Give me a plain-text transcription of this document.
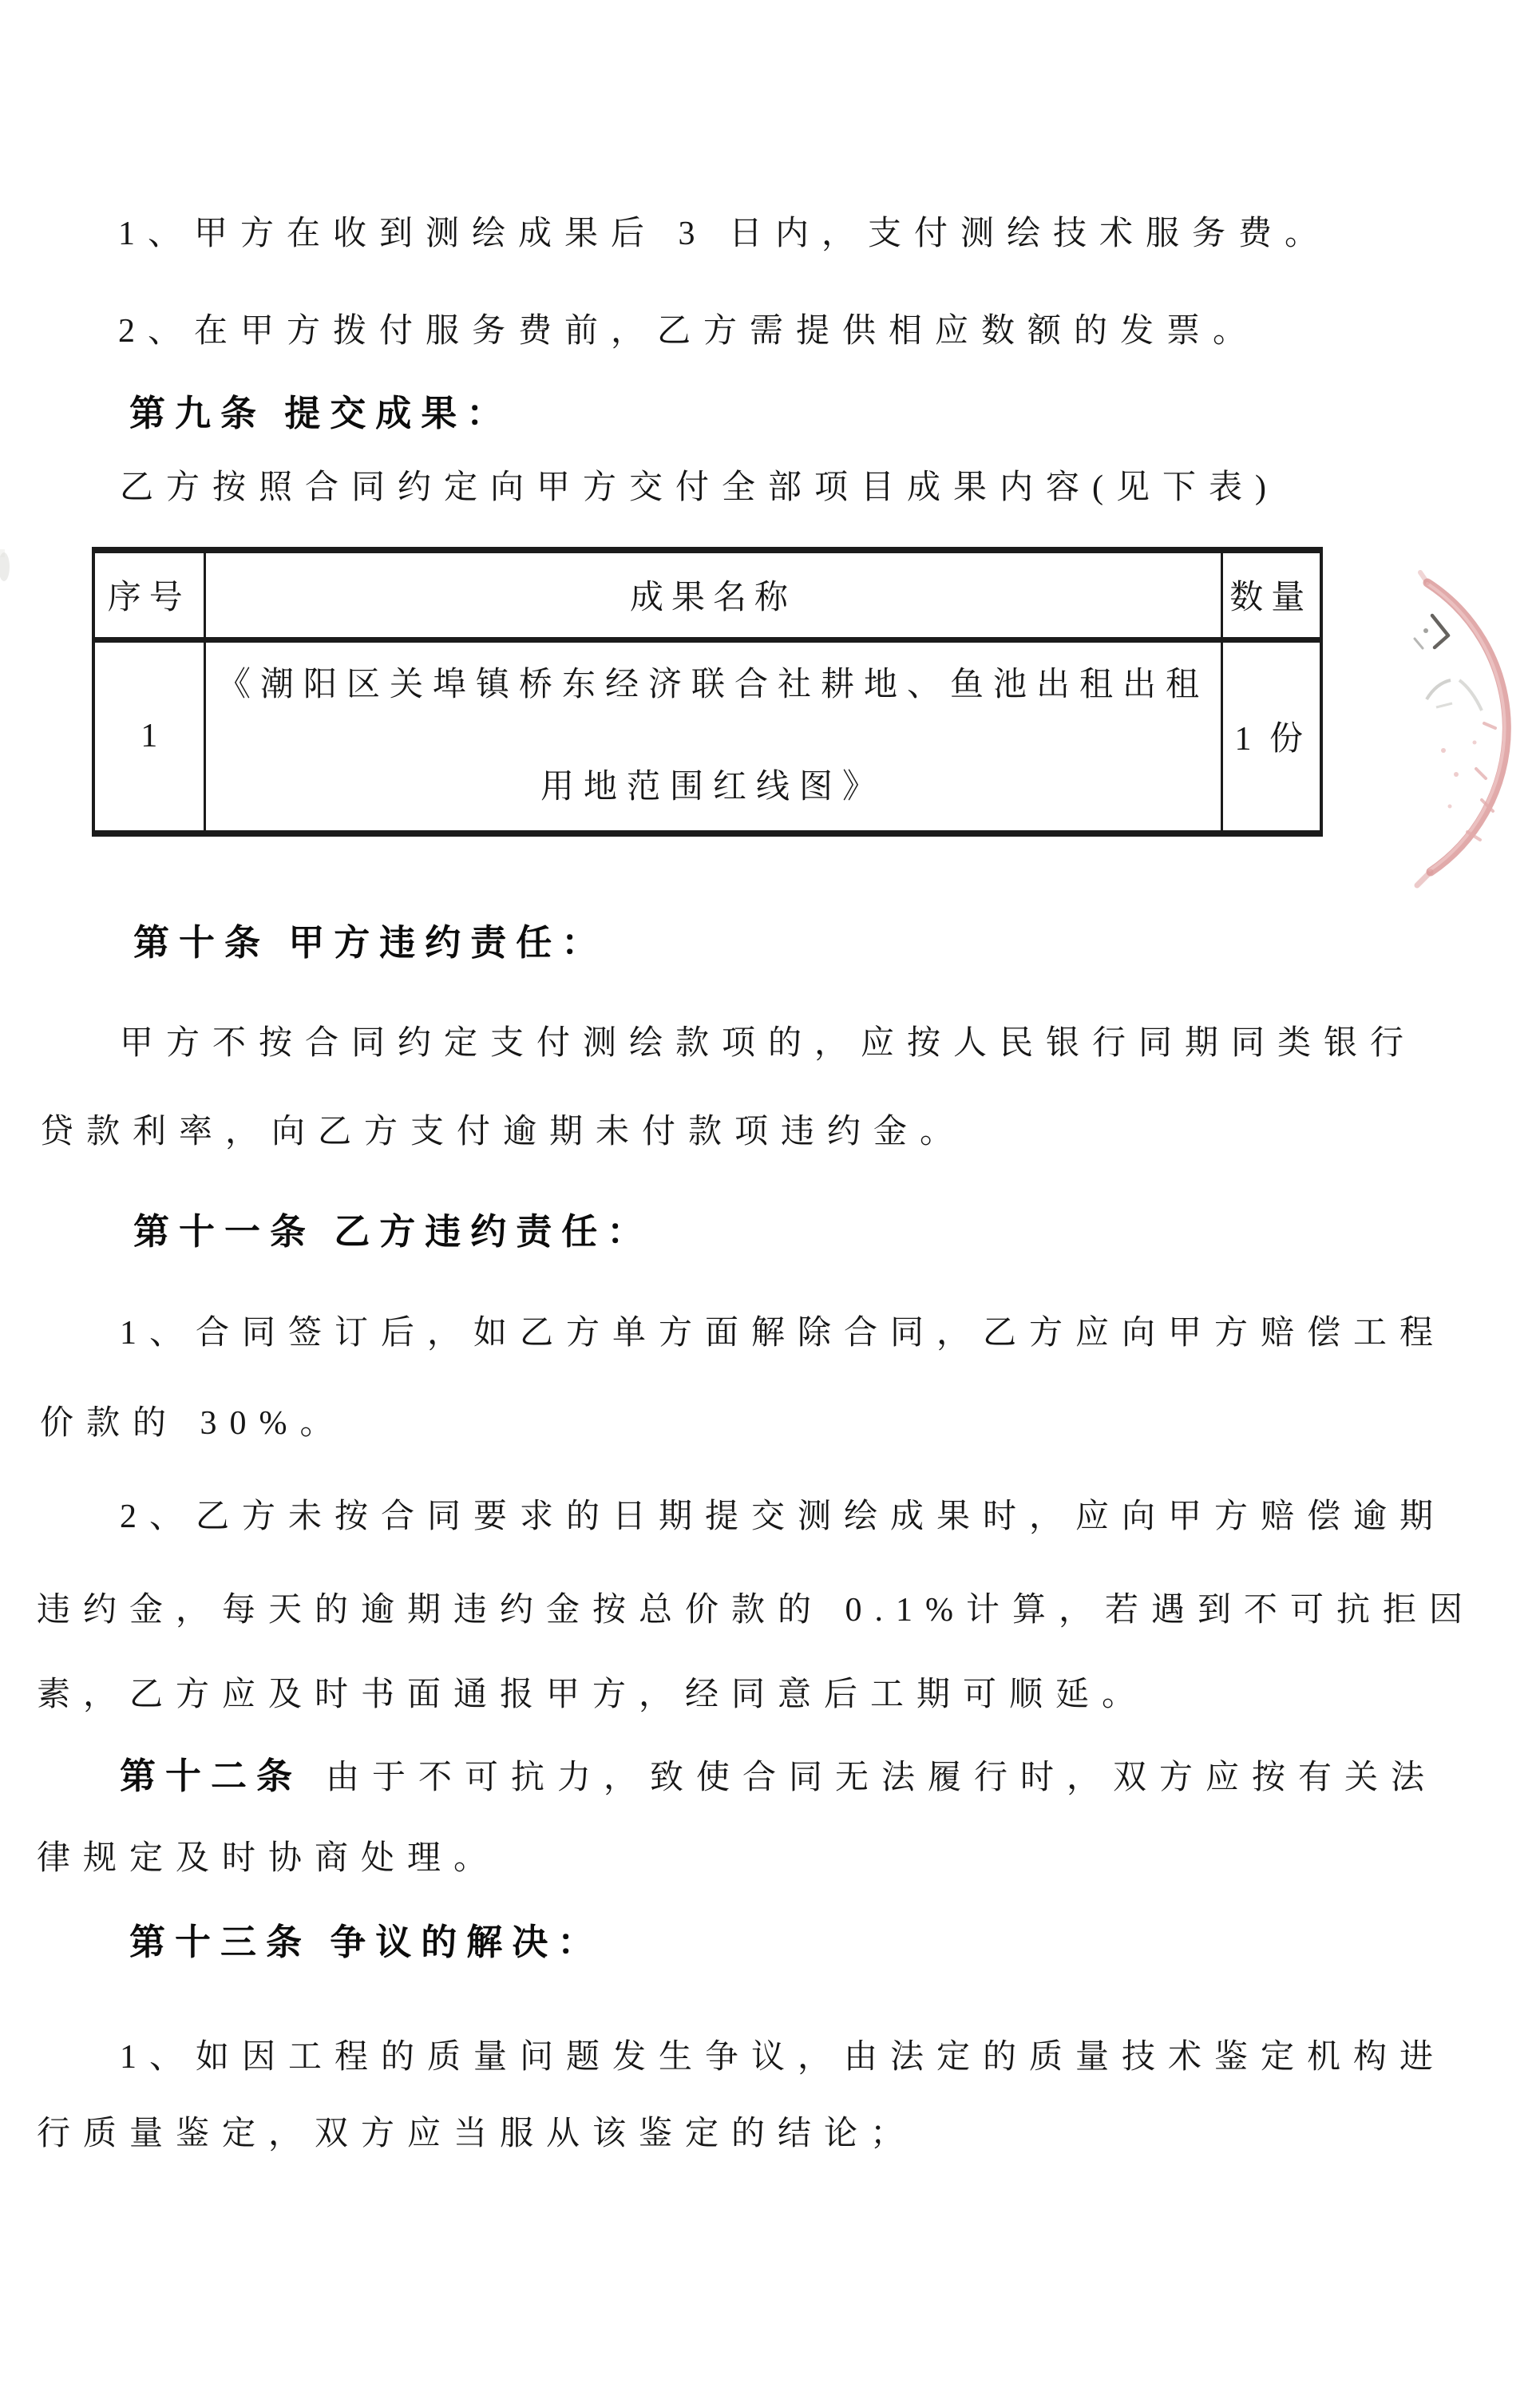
1、甲方在收到测绘成果后 3 日内，支付测绘技术服务费。
2、在甲方拨付服务费前，乙方需提供相应数额的发票。
第九条 提交成果：
乙方按照合同约定向甲方交付全部项目成果内容(见下表)
序号	成果名称	数量
1	《潮阳区关埠镇桥东经济联合社耕地、鱼池出租出租
用地范围红线图》	1 份
第十条 甲方违约责任：
甲方不按合同约定支付测绘款项的，应按人民银行同期同类银行
贷款利率，向乙方支付逾期未付款项违约金。
第十一条 乙方违约责任：
1、合同签订后，如乙方单方面解除合同，乙方应向甲方赔偿工程
价款的 30%。
2、乙方未按合同要求的日期提交测绘成果时，应向甲方赔偿逾期
违约金，每天的逾期违约金按总价款的 0.1%计算，若遇到不可抗拒因
素，乙方应及时书面通报甲方，经同意后工期可顺延。
第十二条 由于不可抗力，致使合同无法履行时，双方应按有关法
律规定及时协商处理。
第十三条 争议的解决：
1、如因工程的质量问题发生争议，由法定的质量技术鉴定机构进
行质量鉴定，双方应当服从该鉴定的结论；
